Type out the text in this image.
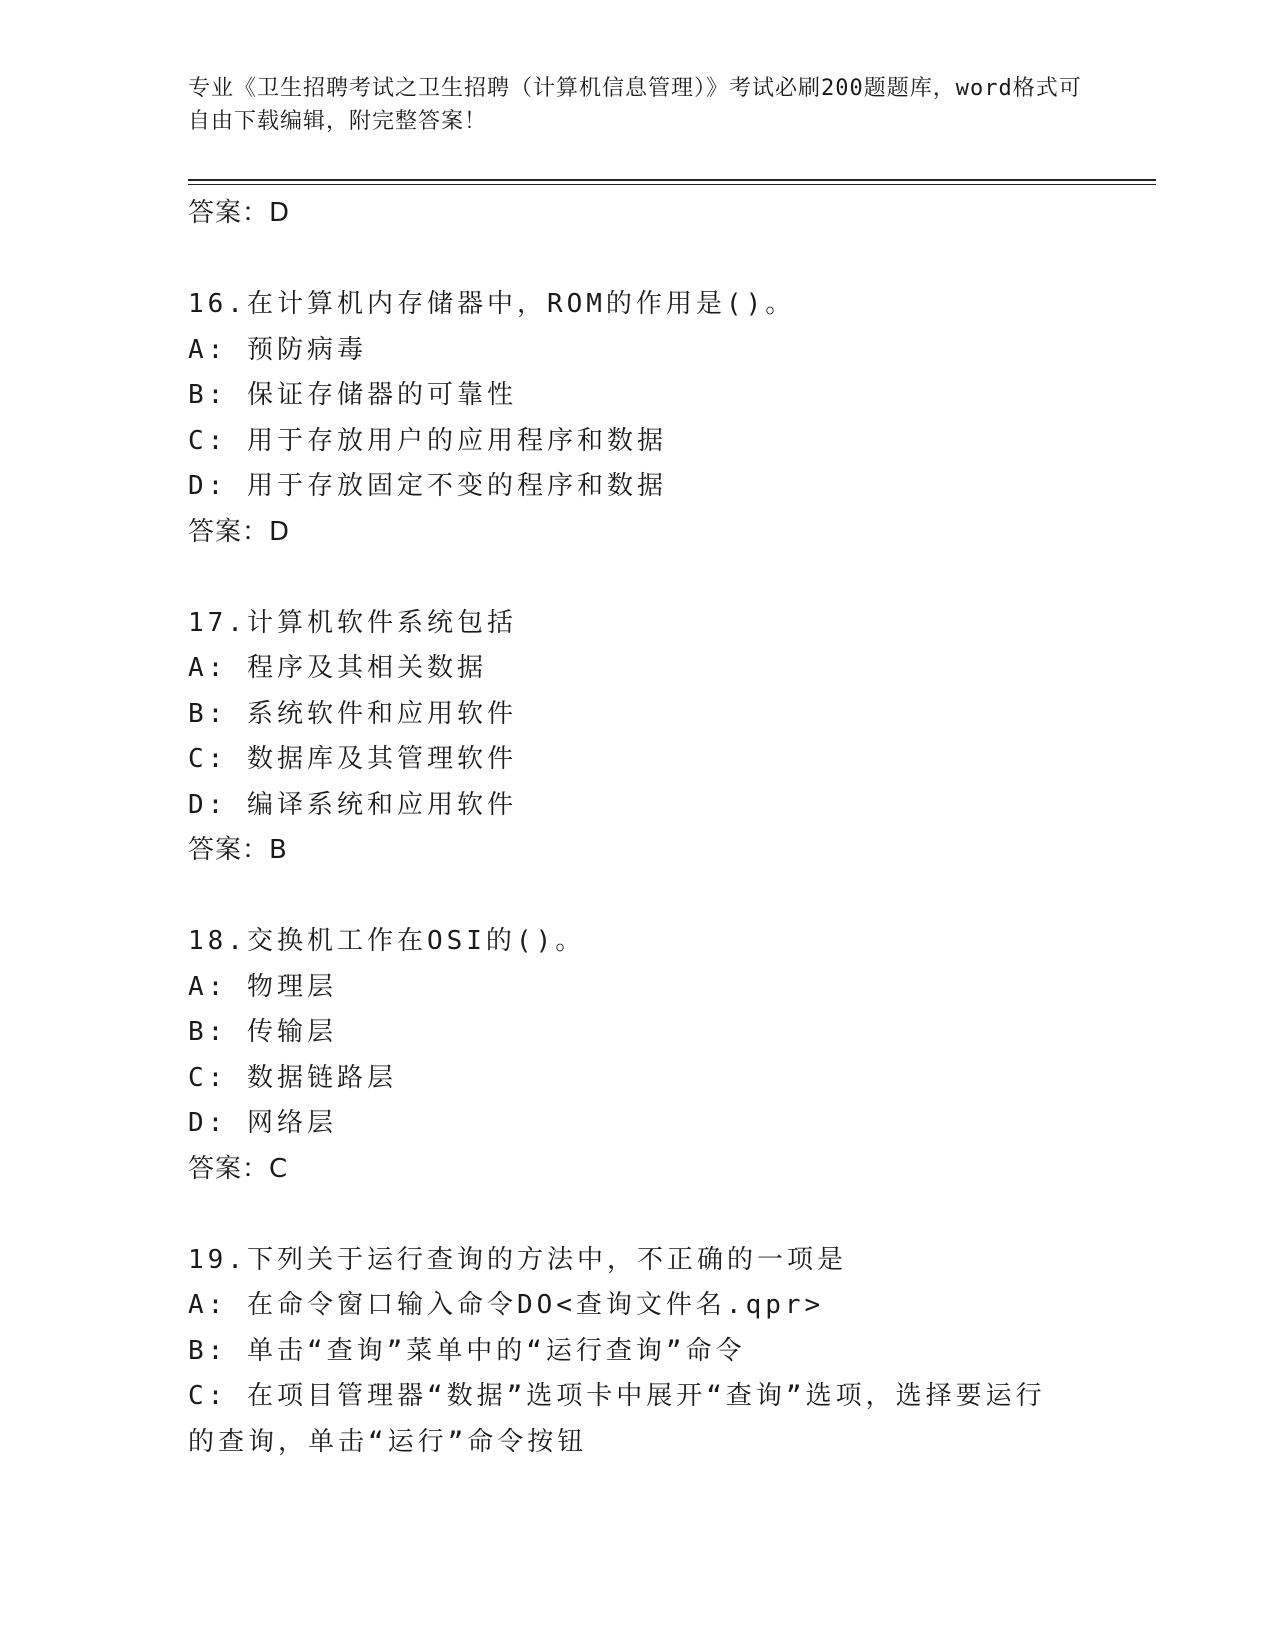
专业《卫生招聘考试之卫生招聘（计算机信息管理）》考试必刷200题题库，word格式可自由下载编辑，附完整答案！
答案：D
16.在计算机内存储器中，ROM的作用是()。
A: 预防病毒
B: 保证存储器的可靠性
C: 用于存放用户的应用程序和数据
D: 用于存放固定不变的程序和数据
答案：D
17.计算机软件系统包括
A: 程序及其相关数据
B: 系统软件和应用软件
C: 数据库及其管理软件
D: 编译系统和应用软件
答案：B
18.交换机工作在OSI的()。
A: 物理层
B: 传输层
C: 数据链路层
D: 网络层
答案：C
19.下列关于运行查询的方法中，不正确的一项是
A: 在命令窗口输入命令DO<查询文件名.qpr>
B: 单击“查询”菜单中的“运行查询”命令
C: 在项目管理器“数据”选项卡中展开“查询”选项，选择要运行的查询，单击“运行”命令按钮
